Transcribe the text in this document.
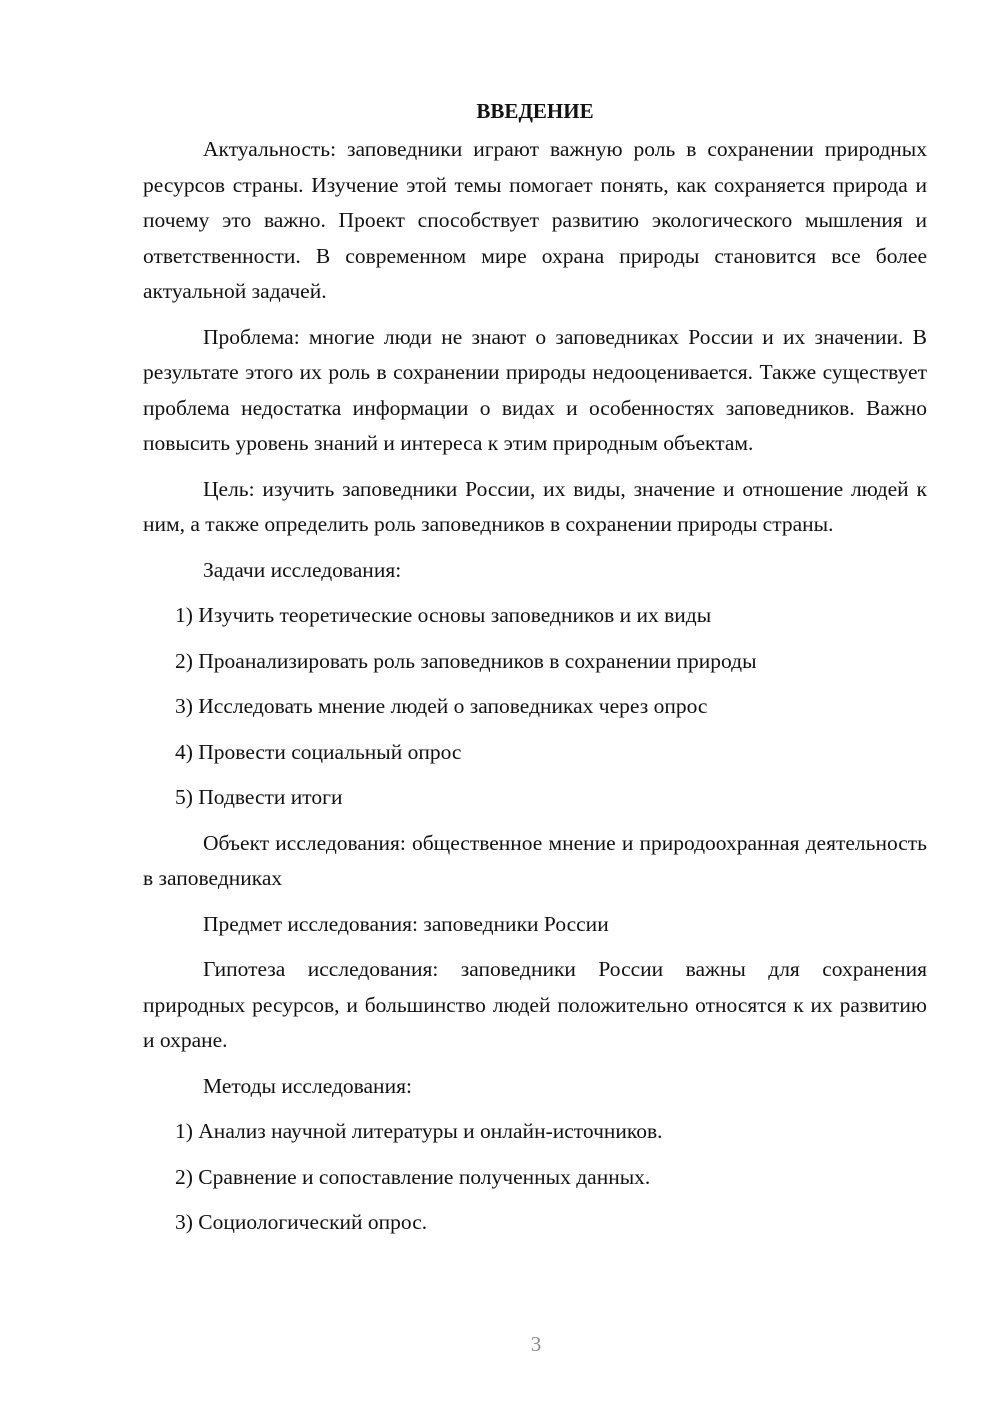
ВВЕДЕНИЕ

Актуальность: заповедники играют важную роль в сохранении природных ресурсов страны. Изучение этой темы помогает понять, как сохраняется природа и почему это важно. Проект способствует развитию экологического мышления и ответственности. В современном мире охрана природы становится все более актуальной задачей.

Проблема: многие люди не знают о заповедниках России и их значении. В результате этого их роль в сохранении природы недооценивается. Также существует проблема недостатка информации о видах и особенностях заповедников. Важно повысить уровень знаний и интереса к этим природным объектам.

Цель: изучить заповедники России, их виды, значение и отношение людей к ним, а также определить роль заповедников в сохранении природы страны.

Задачи исследования:

1) Изучить теоретические основы заповедников и их виды
2) Проанализировать роль заповедников в сохранении природы
3) Исследовать мнение людей о заповедниках через опрос
4) Провести социальный опрос
5) Подвести итоги

Объект исследования: общественное мнение и природоохранная деятельность в заповедниках

Предмет исследования: заповедники России

Гипотеза исследования: заповедники России важны для сохранения природных ресурсов, и большинство людей положительно относятся к их развитию и охране.

Методы исследования:

1) Анализ научной литературы и онлайн-источников.
2) Сравнение и сопоставление полученных данных.
3) Социологический опрос.
3
